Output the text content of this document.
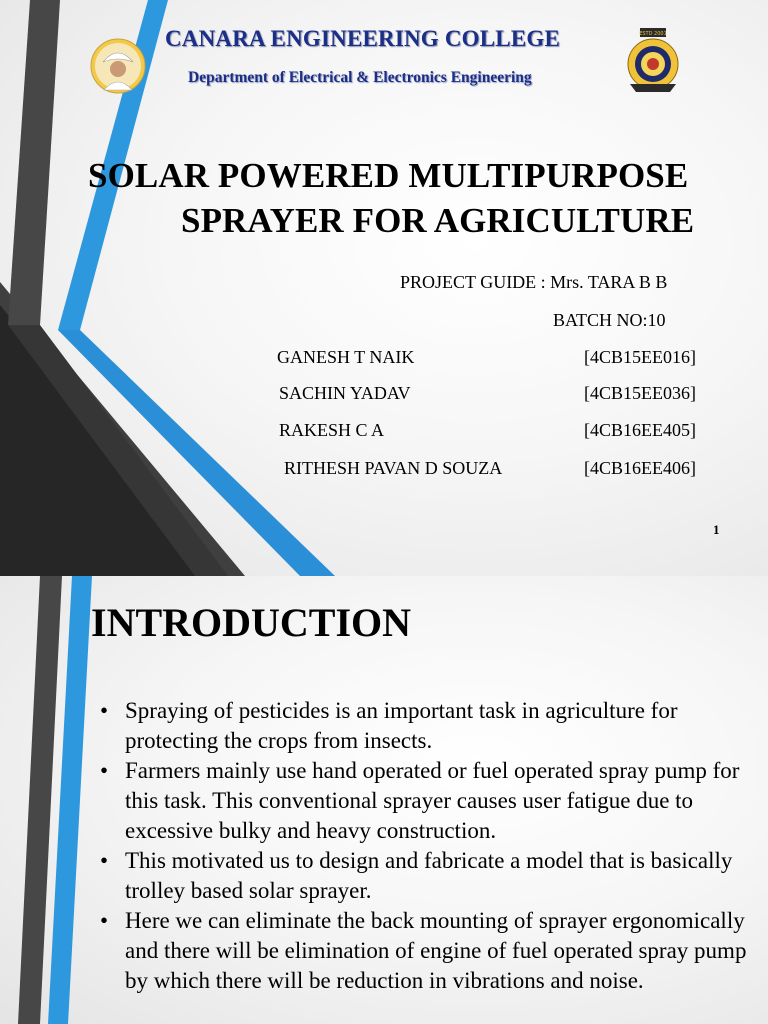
CANARA ENGINEERING COLLEGE
Department of Electrical & Electronics Engineering
ESTD 2001
SOLAR POWERED MULTIPURPOSE
SPRAYER FOR AGRICULTURE
PROJECT GUIDE : Mrs. TARA B B
BATCH NO:10
GANESH T NAIK	[4CB15EE016]
SACHIN YADAV	[4CB15EE036]
RAKESH C A	[4CB16EE405]
RITHESH PAVAN D SOUZA	[4CB16EE406]
1
INTRODUCTION
• Spraying of pesticides is an important task in agriculture for protecting the crops from insects.
• Farmers mainly use hand operated or fuel operated spray pump for this task. This conventional sprayer causes user fatigue due to excessive bulky and heavy construction.
• This motivated us to design and fabricate a model that is basically trolley based solar sprayer.
• Here we can eliminate the back mounting of sprayer ergonomically and there will be elimination of engine of fuel operated spray pump by which there will be reduction in vibrations and noise.
